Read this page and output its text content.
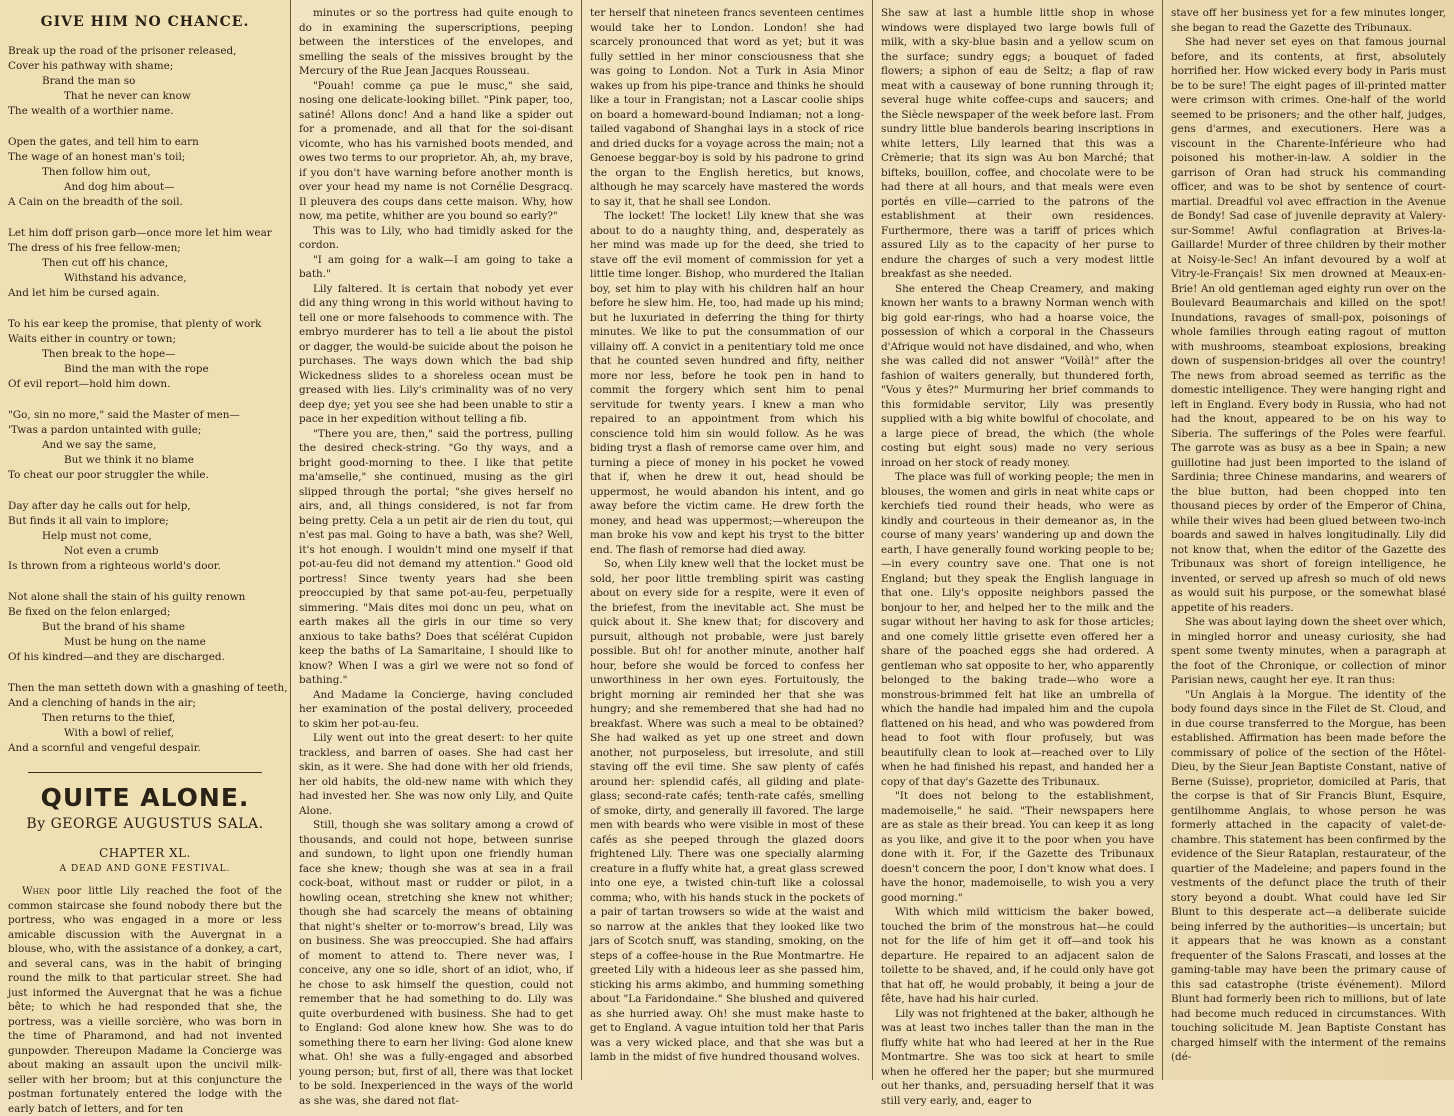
GIVE HIM NO CHANCE.
Break up the road of the prisoner released,
Cover his pathway with shame;
Brand the man so
That he never can know
The wealth of a worthier name.
Open the gates, and tell him to earn
The wage of an honest man's toil;
Then follow him out,
And dog him about—
A Cain on the breadth of the soil.
Let him doff prison garb—once more let him wear
The dress of his free fellow-men;
Then cut off his chance,
Withstand his advance,
And let him be cursed again.
To his ear keep the promise, that plenty of work
Waits either in country or town;
Then break to the hope—
Bind the man with the rope
Of evil report—hold him down.
"Go, sin no more," said the Master of men—
'Twas a pardon untainted with guile;
And we say the same,
But we think it no blame
To cheat our poor struggler the while.
Day after day he calls out for help,
But finds it all vain to implore;
Help must not come,
Not even a crumb
Is thrown from a righteous world's door.
Not alone shall the stain of his guilty renown
Be fixed on the felon enlarged;
But the brand of his shame
Must be hung on the name
Of his kindred—and they are discharged.
Then the man setteth down with a gnashing of teeth,
And a clenching of hands in the air;
Then returns to the thief,
With a bowl of relief,
And a scornful and vengeful despair.
QUITE ALONE.
By GEORGE AUGUSTUS SALA.
CHAPTER XL.
A DEAD AND GONE FESTIVAL.

When poor little Lily reached the foot of the common staircase she found nobody there but the portress, who was engaged in a more or less amicable discussion with the Auvergnat in a blouse, who, with the assistance of a donkey, a cart, and several cans, was in the habit of bringing round the milk to that particular street. She had just informed the Auvergnat that he was a fichue bête; to which he had responded that she, the portress, was a vieille sorcière, who was born in the time of Pharamond, and had not invented gunpowder. Thereupon Madame la Concierge was about making an assault upon the uncivil milk-seller with her broom; but at this conjuncture the postman fortunately entered the lodge with the early batch of letters, and for ten

minutes or so the portress had quite enough to do in examining the superscriptions, peeping between the interstices of the envelopes, and smelling the seals of the missives brought by the Mercury of the Rue Jean Jacques Rousseau.

"Pouah! comme ça pue le musc," she said, nosing one delicate-looking billet. "Pink paper, too, satiné! Allons donc! And a hand like a spider out for a promenade, and all that for the soi-disant vicomte, who has his varnished boots mended, and owes two terms to our proprietor. Ah, ah, my brave, if you don't have warning before another month is over your head my name is not Cornélie Desgracq. Il pleuvera des coups dans cette maison. Why, how now, ma petite, whither are you bound so early?"

This was to Lily, who had timidly asked for the cordon.

"I am going for a walk—I am going to take a bath."

Lily faltered. It is certain that nobody yet ever did any thing wrong in this world without having to tell one or more falsehoods to commence with. The embryo murderer has to tell a lie about the pistol or dagger, the would-be suicide about the poison he purchases. The ways down which the bad ship Wickedness slides to a shoreless ocean must be greased with lies. Lily's criminality was of no very deep dye; yet you see she had been unable to stir a pace in her expedition without telling a fib.

"There you are, then," said the portress, pulling the desired check-string. "Go thy ways, and a bright good-morning to thee. I like that petite ma'amselle," she continued, musing as the girl slipped through the portal; "she gives herself no airs, and, all things considered, is not far from being pretty. Cela a un petit air de rien du tout, qui n'est pas mal. Going to have a bath, was she? Well, it's hot enough. I wouldn't mind one myself if that pot-au-feu did not demand my attention." Good old portress! Since twenty years had she been preoccupied by that same pot-au-feu, perpetually simmering. "Mais dites moi donc un peu, what on earth makes all the girls in our time so very anxious to take baths? Does that scélérat Cupidon keep the baths of La Samaritaine, I should like to know? When I was a girl we were not so fond of bathing."

And Madame la Concierge, having concluded her examination of the postal delivery, proceeded to skim her pot-au-feu.

Lily went out into the great desert: to her quite trackless, and barren of oases. She had cast her skin, as it were. She had done with her old friends, her old habits, the old-new name with which they had invested her. She was now only Lily, and Quite Alone.

Still, though she was solitary among a crowd of thousands, and could not hope, between sunrise and sundown, to light upon one friendly human face she knew; though she was at sea in a frail cock-boat, without mast or rudder or pilot, in a howling ocean, stretching she knew not whither; though she had scarcely the means of obtaining that night's shelter or to-morrow's bread, Lily was on business. She was preoccupied. She had affairs of moment to attend to. There never was, I conceive, any one so idle, short of an idiot, who, if he chose to ask himself the question, could not remember that he had something to do. Lily was quite overburdened with business. She had to get to England: God alone knew how. She was to do something there to earn her living: God alone knew what. Oh! she was a fully-engaged and absorbed young person; but, first of all, there was that locket to be sold. Inexperienced in the ways of the world as she was, she dared not flat-

ter herself that nineteen francs seventeen centimes would take her to London. London! she had scarcely pronounced that word as yet; but it was fully settled in her minor consciousness that she was going to London. Not a Turk in Asia Minor wakes up from his pipe-trance and thinks he should like a tour in Frangistan; not a Lascar coolie ships on board a homeward-bound Indiaman; not a long-tailed vagabond of Shanghai lays in a stock of rice and dried ducks for a voyage across the main; not a Genoese beggar-boy is sold by his padrone to grind the organ to the English heretics, but knows, although he may scarcely have mastered the words to say it, that he shall see London.

The locket! The locket! Lily knew that she was about to do a naughty thing, and, desperately as her mind was made up for the deed, she tried to stave off the evil moment of commission for yet a little time longer. Bishop, who murdered the Italian boy, set him to play with his children half an hour before he slew him. He, too, had made up his mind; but he luxuriated in deferring the thing for thirty minutes. We like to put the consummation of our villainy off. A convict in a penitentiary told me once that he counted seven hundred and fifty, neither more nor less, before he took pen in hand to commit the forgery which sent him to penal servitude for twenty years. I knew a man who repaired to an appointment from which his conscience told him sin would follow. As he was biding tryst a flash of remorse came over him, and turning a piece of money in his pocket he vowed that if, when he drew it out, head should be uppermost, he would abandon his intent, and go away before the victim came. He drew forth the money, and head was uppermost;—whereupon the man broke his vow and kept his tryst to the bitter end. The flash of remorse had died away.

So, when Lily knew well that the locket must be sold, her poor little trembling spirit was casting about on every side for a respite, were it even of the briefest, from the inevitable act. She must be quick about it. She knew that; for discovery and pursuit, although not probable, were just barely possible. But oh! for another minute, another half hour, before she would be forced to confess her unworthiness in her own eyes. Fortuitously, the bright morning air reminded her that she was hungry; and she remembered that she had had no breakfast. Where was such a meal to be obtained? She had walked as yet up one street and down another, not purposeless, but irresolute, and still staving off the evil time. She saw plenty of cafés around her: splendid cafés, all gilding and plate-glass; second-rate cafés; tenth-rate cafés, smelling of smoke, dirty, and generally ill favored. The large men with beards who were visible in most of these cafés as she peeped through the glazed doors frightened Lily. There was one specially alarming creature in a fluffy white hat, a great glass screwed into one eye, a twisted chin-tuft like a colossal comma; who, with his hands stuck in the pockets of a pair of tartan trowsers so wide at the waist and so narrow at the ankles that they looked like two jars of Scotch snuff, was standing, smoking, on the steps of a coffee-house in the Rue Montmartre. He greeted Lily with a hideous leer as she passed him, sticking his arms akimbo, and humming something about "La Faridondaine." She blushed and quivered as she hurried away. Oh! she must make haste to get to England. A vague intuition told her that Paris was a very wicked place, and that she was but a lamb in the midst of five hundred thousand wolves.

She saw at last a humble little shop in whose windows were displayed two large bowls full of milk, with a sky-blue basin and a yellow scum on the surface; sundry eggs; a bouquet of faded flowers; a siphon of eau de Seltz; a flap of raw meat with a causeway of bone running through it; several huge white coffee-cups and saucers; and the Siècle newspaper of the week before last. From sundry little blue banderols bearing inscriptions in white letters, Lily learned that this was a Crèmerie; that its sign was Au bon Marché; that bifteks, bouillon, coffee, and chocolate were to be had there at all hours, and that meals were even portés en ville—carried to the patrons of the establishment at their own residences. Furthermore, there was a tariff of prices which assured Lily as to the capacity of her purse to endure the charges of such a very modest little breakfast as she needed.

She entered the Cheap Creamery, and making known her wants to a brawny Norman wench with big gold ear-rings, who had a hoarse voice, the possession of which a corporal in the Chasseurs d'Afrique would not have disdained, and who, when she was called did not answer "Voilà!" after the fashion of waiters generally, but thundered forth, "Vous y êtes?" Murmuring her brief commands to this formidable servitor, Lily was presently supplied with a big white bowlful of chocolate, and a large piece of bread, the which (the whole costing but eight sous) made no very serious inroad on her stock of ready money.

The place was full of working people; the men in blouses, the women and girls in neat white caps or kerchiefs tied round their heads, who were as kindly and courteous in their demeanor as, in the course of many years' wandering up and down the earth, I have generally found working people to be;—in every country save one. That one is not England; but they speak the English language in that one. Lily's opposite neighbors passed the bonjour to her, and helped her to the milk and the sugar without her having to ask for those articles; and one comely little grisette even offered her a share of the poached eggs she had ordered. A gentleman who sat opposite to her, who apparently belonged to the baking trade—who wore a monstrous-brimmed felt hat like an umbrella of which the handle had impaled him and the cupola flattened on his head, and who was powdered from head to foot with flour profusely, but was beautifully clean to look at—reached over to Lily when he had finished his repast, and handed her a copy of that day's Gazette des Tribunaux.

"It does not belong to the establishment, mademoiselle," he said. "Their newspapers here are as stale as their bread. You can keep it as long as you like, and give it to the poor when you have done with it. For, if the Gazette des Tribunaux doesn't concern the poor, I don't know what does. I have the honor, mademoiselle, to wish you a very good morning."

With which mild witticism the baker bowed, touched the brim of the monstrous hat—he could not for the life of him get it off—and took his departure. He repaired to an adjacent salon de toilette to be shaved, and, if he could only have got that hat off, he would probably, it being a jour de fête, have had his hair curled.

Lily was not frightened at the baker, although he was at least two inches taller than the man in the fluffy white hat who had leered at her in the Rue Montmartre. She was too sick at heart to smile when he offered her the paper; but she murmured out her thanks, and, persuading herself that it was still very early, and, eager to

stave off her business yet for a few minutes longer, she began to read the Gazette des Tribunaux.

She had never set eyes on that famous journal before, and its contents, at first, absolutely horrified her. How wicked every body in Paris must be to be sure! The eight pages of ill-printed matter were crimson with crimes. One-half of the world seemed to be prisoners; and the other half, judges, gens d'armes, and executioners. Here was a viscount in the Charente-Inférieure who had poisoned his mother-in-law. A soldier in the garrison of Oran had struck his commanding officer, and was to be shot by sentence of court-martial. Dreadful vol avec effraction in the Avenue de Bondy! Sad case of juvenile depravity at Valery-sur-Somme! Awful conflagration at Brives-la-Gaillarde! Murder of three children by their mother at Noisy-le-Sec! An infant devoured by a wolf at Vitry-le-Français! Six men drowned at Meaux-en-Brie! An old gentleman aged eighty run over on the Boulevard Beaumarchais and killed on the spot! Inundations, ravages of small-pox, poisonings of whole families through eating ragout of mutton with mushrooms, steamboat explosions, breaking down of suspension-bridges all over the country! The news from abroad seemed as terrific as the domestic intelligence. They were hanging right and left in England. Every body in Russia, who had not had the knout, appeared to be on his way to Siberia. The sufferings of the Poles were fearful. The garrote was as busy as a bee in Spain; a new guillotine had just been imported to the island of Sardinia; three Chinese mandarins, and wearers of the blue button, had been chopped into ten thousand pieces by order of the Emperor of China, while their wives had been glued between two-inch boards and sawed in halves longitudinally. Lily did not know that, when the editor of the Gazette des Tribunaux was short of foreign intelligence, he invented, or served up afresh so much of old news as would suit his purpose, or the somewhat blasé appetite of his readers.

She was about laying down the sheet over which, in mingled horror and uneasy curiosity, she had spent some twenty minutes, when a paragraph at the foot of the Chronique, or collection of minor Parisian news, caught her eye. It ran thus:

"Un Anglais à la Morgue. The identity of the body found days since in the Filet de St. Cloud, and in due course transferred to the Morgue, has been established. Affirmation has been made before the commissary of police of the section of the Hôtel-Dieu, by the Sieur Jean Baptiste Constant, native of Berne (Suisse), proprietor, domiciled at Paris, that the corpse is that of Sir Francis Blunt, Esquire, gentilhomme Anglais, to whose person he was formerly attached in the capacity of valet-de-chambre. This statement has been confirmed by the evidence of the Sieur Rataplan, restaurateur, of the quartier of the Madeleine; and papers found in the vestments of the defunct place the truth of their story beyond a doubt. What could have led Sir Blunt to this desperate act—a deliberate suicide being inferred by the authorities—is uncertain; but it appears that he was known as a constant frequenter of the Salons Frascati, and losses at the gaming-table may have been the primary cause of this sad catastrophe (triste événement). Milord Blunt had formerly been rich to millions, but of late had become much reduced in circumstances. With touching solicitude M. Jean Baptiste Constant has charged himself with the interment of the remains (dé-
